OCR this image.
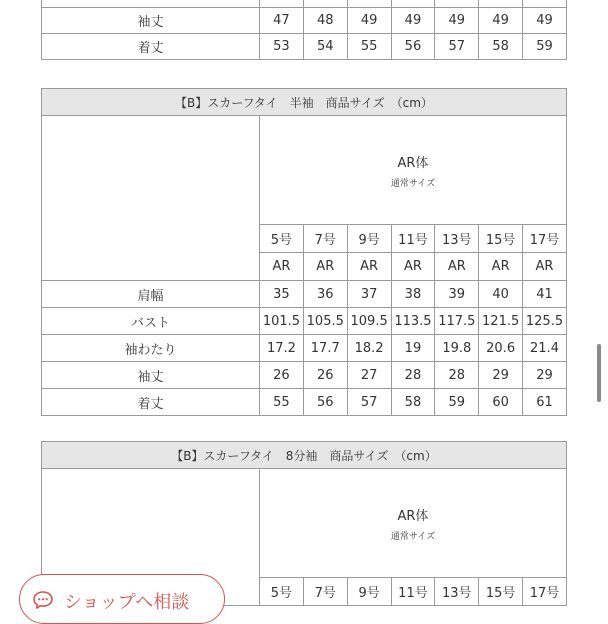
袖丈	47	48	49	49	49	49	49
着丈	53	54	55	56	57	58	59
【B】スカーフタイ　半袖　商品サイズ　（cm）							

	AR体
通常サイズ						

	5号	7号	9号	11号	13号	15号	17号
	AR	AR	AR	AR	AR	AR	AR
肩幅	35	36	37	38	39	40	41
バスト	101.5	105.5	109.5	113.5	117.5	121.5	125.5
袖わたり	17.2	17.7	18.2	19	19.8	20.6	21.4
袖丈	26	26	27	28	28	29	29
着丈	55	56	57	58	59	60	61
【B】スカーフタイ　8分袖　商品サイズ　（cm）							

	AR体
通常サイズ						

	5号	7号	9号	11号	13号	15号	17号
ショップへ相談
